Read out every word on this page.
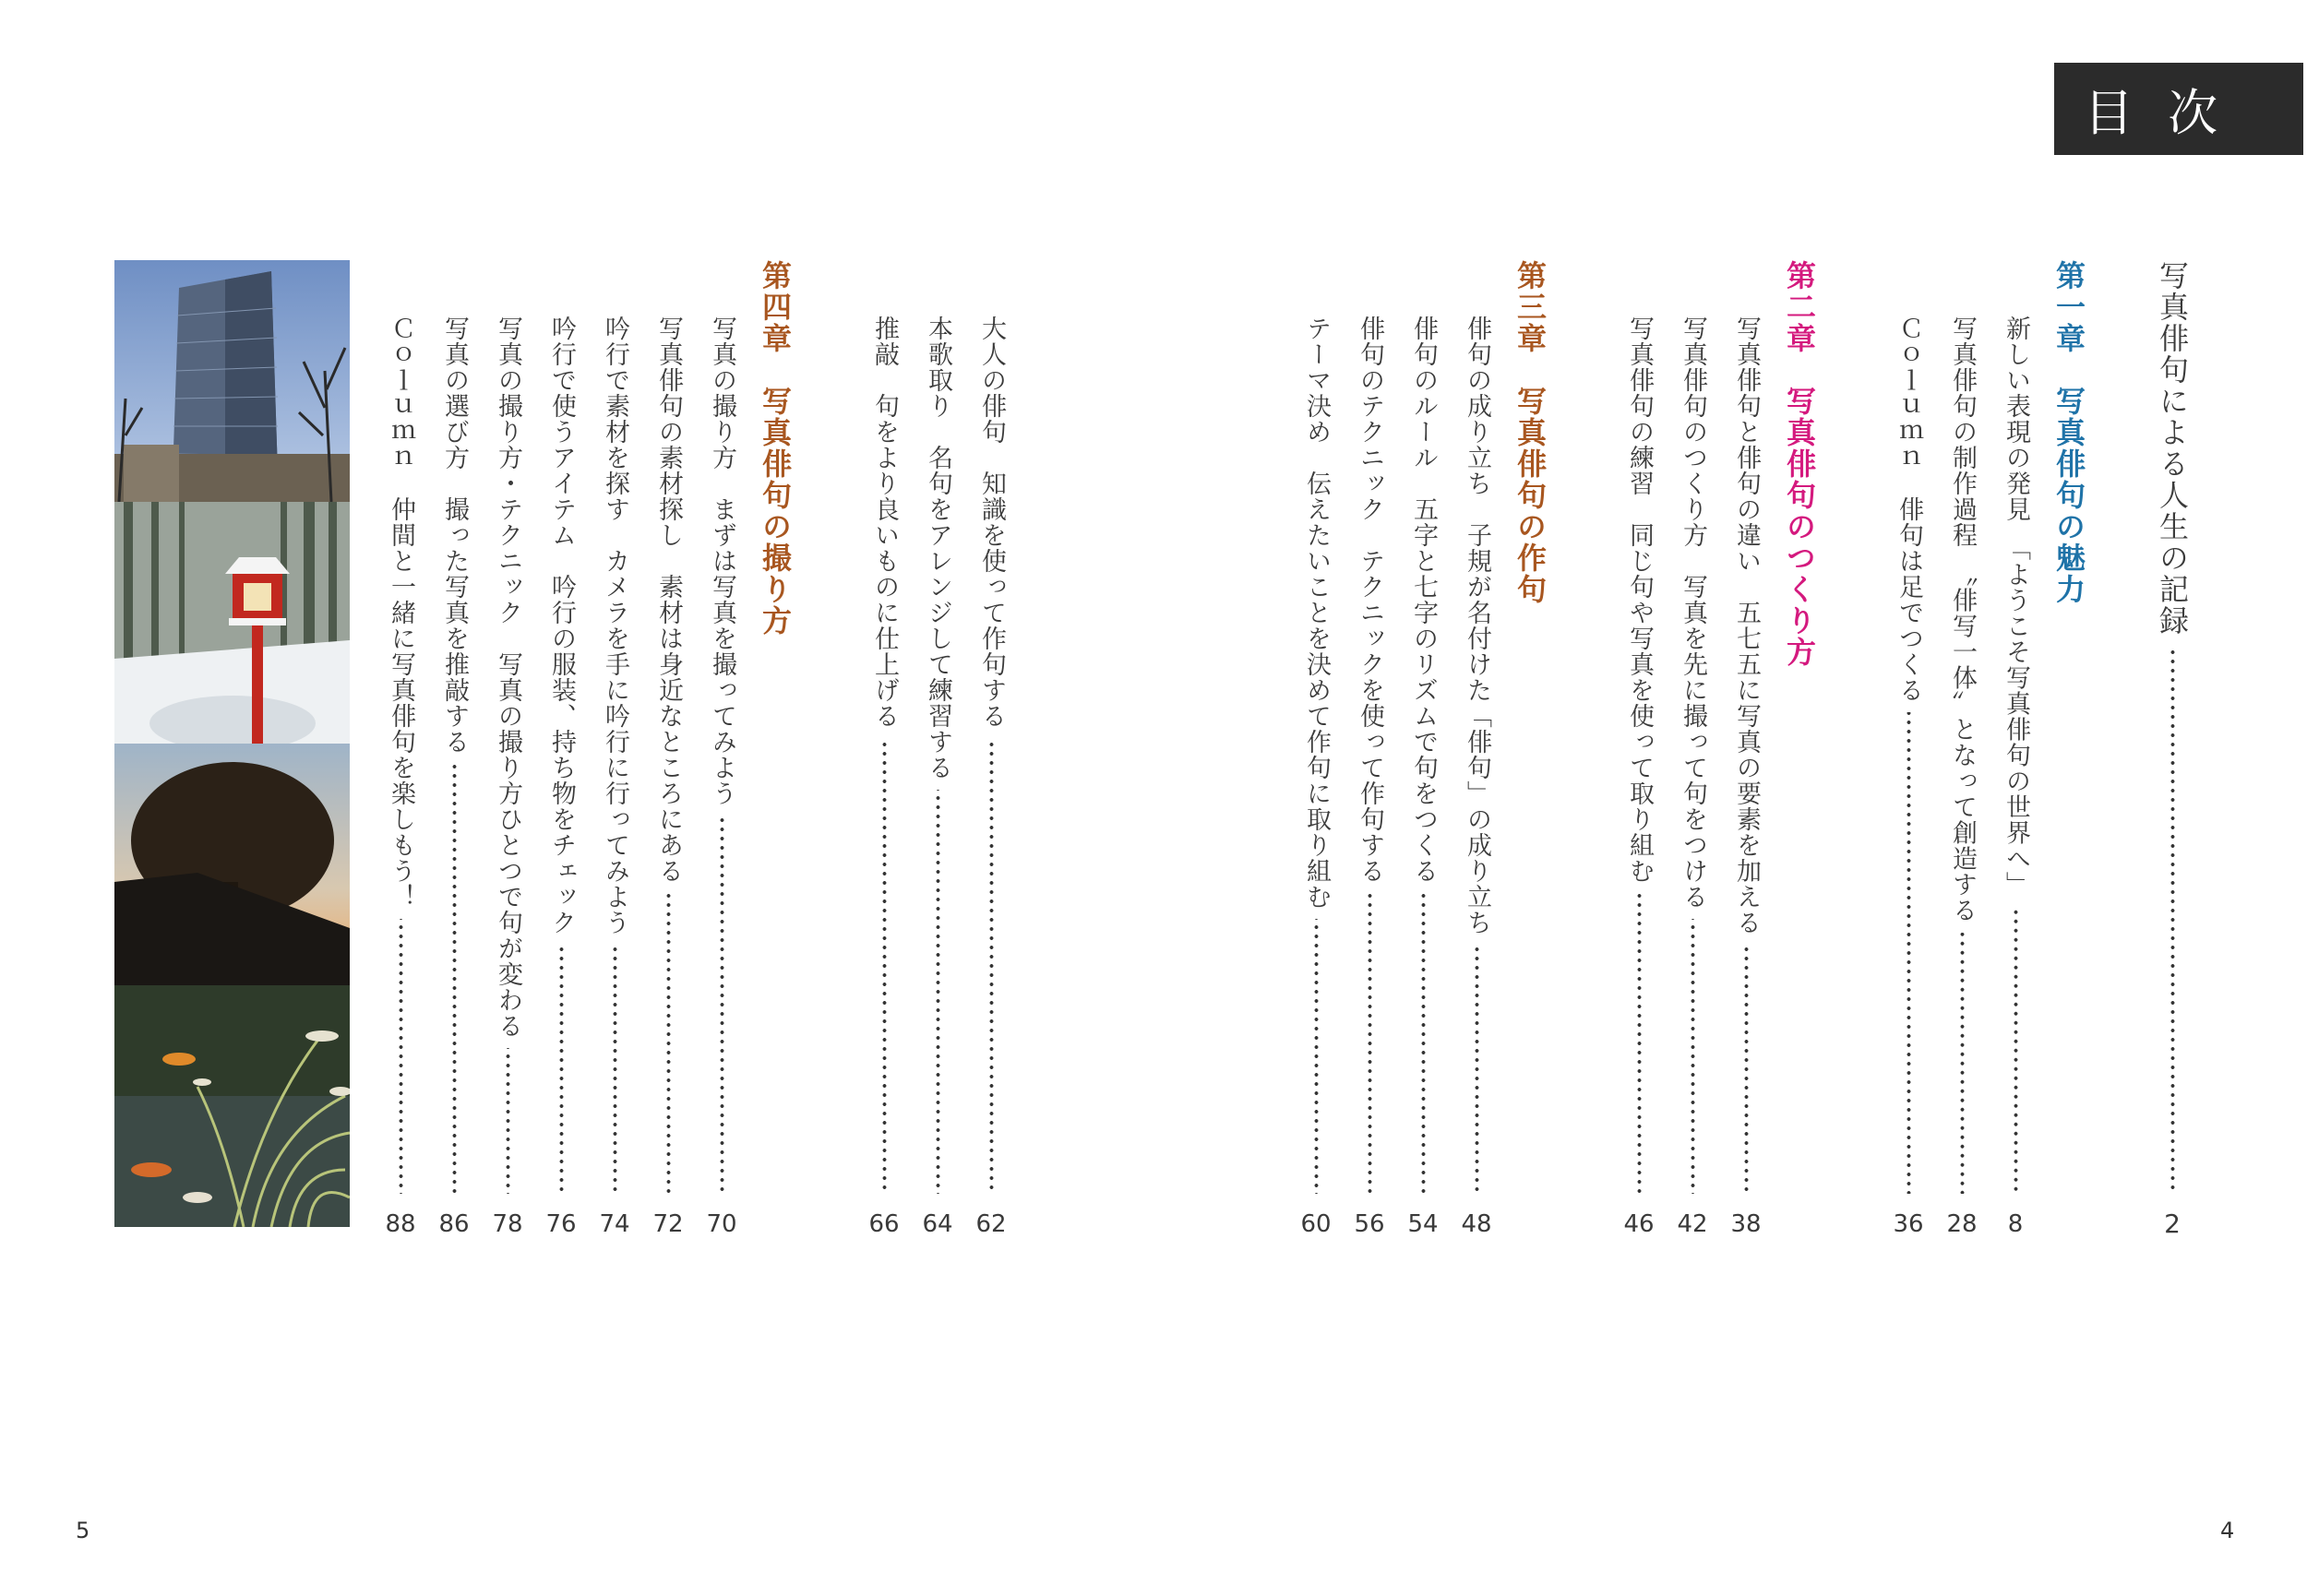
目 次
写真俳句による人生の記録
2
第一章　写真俳句の魅力
新しい表現の発見　「ようこそ写真俳句の世界へ」
8
写真俳句の制作過程　〝俳写一体〟となって創造する
28
Ｃｏｌｕｍｎ　俳句は足でつくる
36
第二章　写真俳句のつくり方
写真俳句と俳句の違い　五七五に写真の要素を加える
38
写真俳句のつくり方　写真を先に撮って句をつける
42
写真俳句の練習　同じ句や写真を使って取り組む
46
第三章　写真俳句の作句
俳句の成り立ち　子規が名付けた「俳句」の成り立ち
48
俳句のルール　五字と七字のリズムで句をつくる
54
俳句のテクニック　テクニックを使って作句する
56
テーマ決め　伝えたいことを決めて作句に取り組む
60
大人の俳句　知識を使って作句する
62
本歌取り　名句をアレンジして練習する
64
推敲　句をより良いものに仕上げる
66
第四章　写真俳句の撮り方
写真の撮り方　まずは写真を撮ってみよう
70
写真俳句の素材探し　素材は身近なところにある
72
吟行で素材を探す　カメラを手に吟行に行ってみよう
74
吟行で使うアイテム　吟行の服装、持ち物をチェック
76
写真の撮り方・テクニック　写真の撮り方ひとつで句が変わる
78
写真の選び方　撮った写真を推敲する
86
Ｃｏｌｕｍｎ　仲間と一緒に写真俳句を楽しもう！
88
5	4
